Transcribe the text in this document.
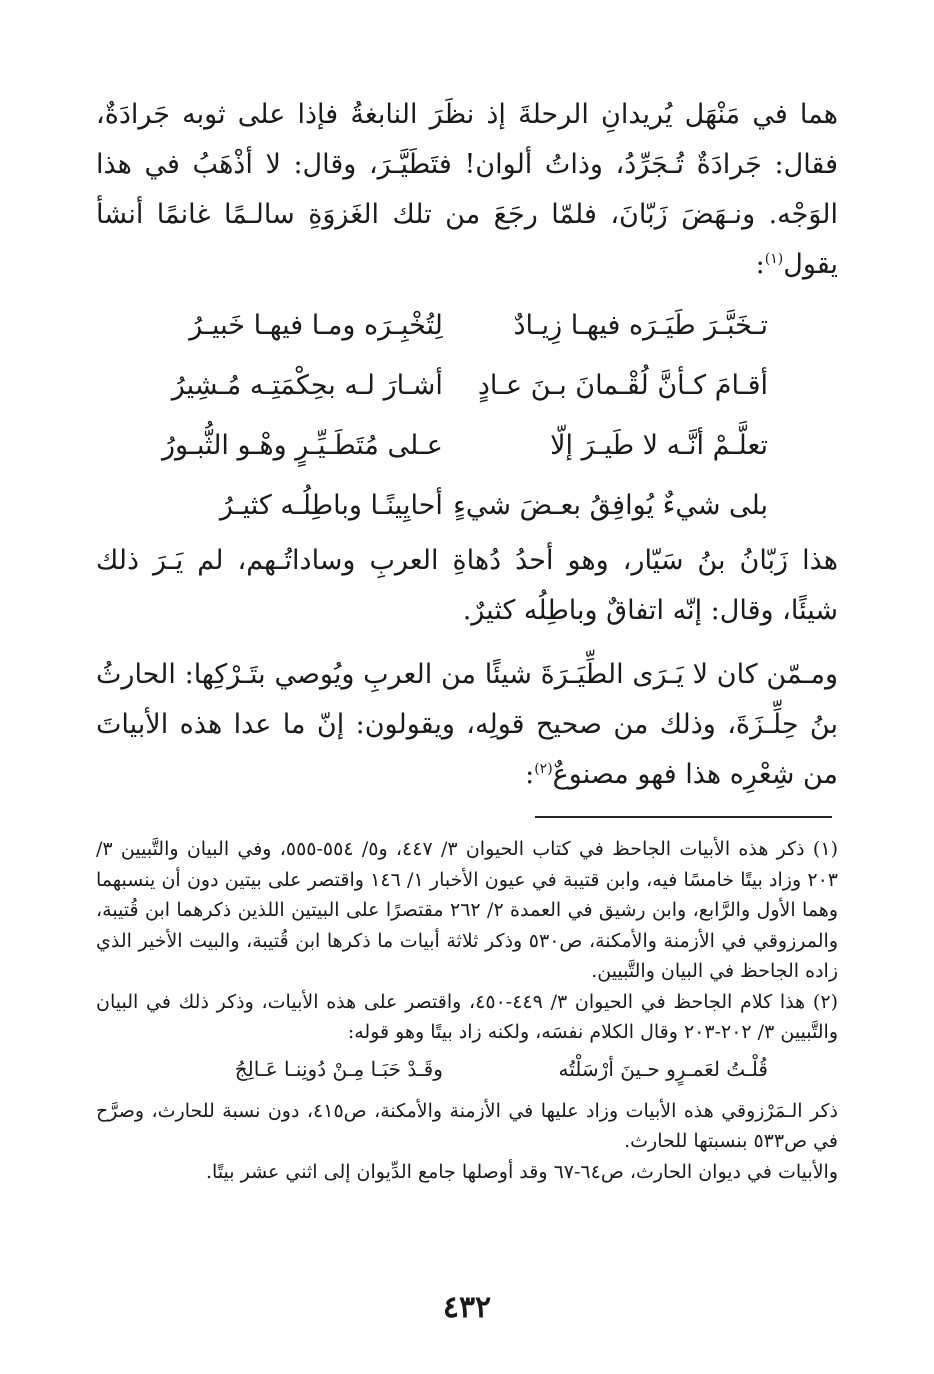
هما في مَنْهَل يُريدانِ الرحلةَ إذ نظَرَ النابغةُ فإذا على ثوبه جَرادَةٌ، فقال: جَرادَةٌ تُـجَرِّدُ، وذاتُ ألوان! فتَطَيَّـرَ، وقال: لا أذْهَبُ في هذا الوَجْه. ونـهَضَ زَبّانَ، فلمّا رجَعَ من تلك الغَزوَةِ سالـمًا غانمًا أنشأ يقول$^{(١)}$:

تـخَبَّـرَ طَيَـرَه فيهـا زِيـادٌ
لِتُخْبِـرَه ومـا فيهـا خَبيـرُ
أقـامَ كـأنَّ لُقْـمانَ بـنَ عـادٍ
أشـارَ لـه بحِكْمَتِـه مُـشِيرُ
تعلَّـمْ أنَّـه لا طَيـرَ إلّا
عـلى مُتَطَـيِّـرٍ وهْـو الثُّبـورُ
بلى شيءٌ يُوافِقُ بعـضَ شيءٍ
أحايِينًـا وباطِلُـه كثيـرُ

هذا زَبّانُ بنُ سَيّار، وهو أحدُ دُهاةِ العربِ وساداتُـهم، لم يَـرَ ذلك شيئًا، وقال: إنّه اتفاقٌ وباطِلُه كثيرٌ.

ومـمّن كان لا يَـرَى الطِّيَـرَةَ شيئًا من العربِ ويُوصي بتَـرْكِها: الحارثُ بنُ حِلِّـزَةَ، وذلك من صحيح قولِه، ويقولون: إنّ ما عدا هذه الأبياتَ من شِعْرِه هذا فهو مصنوعٌ$^{(٢)}$:

(١) ذكر هذه الأبيات الجاحظ في كتاب الحيوان ٣/ ٤٤٧، و٥/ ٥٥٤-٥٥٥، وفي البيان والتَّبيين ٣/ ٢٠٣ وزاد بيتًا خامسًا فيه، وابن قتيبة في عيون الأخبار ١/ ١٤٦ واقتصر على بيتين دون أن ينسبهما وهما الأول والرَّابع، وابن رشيق في العمدة ٢/ ٢٦٢ مقتصرًا على البيتين اللذين ذكرهما ابن قُتيبة، والمرزوقي في الأزمنة والأمكنة، ص٥٣٠ وذكر ثلاثة أبيات ما ذكرها ابن قُتيبة، والبيت الأخير الذي زاده الجاحظ في البيان والتَّبيين.

(٢) هذا كلام الجاحظ في الحيوان ٣/ ٤٤٩-٤٥٠، واقتصر على هذه الأبيات، وذكر ذلك في البيان والتَّبيين ٣/ ٢٠٢-٢٠٣ وقال الكلام نفسَه، ولكنه زاد بيتًا وهو قوله:

قُلْـتُ لعَمـرٍو حـينَ أرْسَلْتُه
وقَـدْ حَبَـا مِـنْ دُونِنـا عَـالِجُ

ذكر الـمَرْزوقي هذه الأبيات وزاد عليها في الأزمنة والأمكنة، ص٤١٥، دون نسبة للحارث، وصرَّح في ص٥٣٣ بنسبتها للحارث.

والأبيات في ديوان الحارث، ص٦٤-٦٧ وقد أوصلها جامع الدِّيوان إلى اثني عشر بيتًا.

٤٣٢
